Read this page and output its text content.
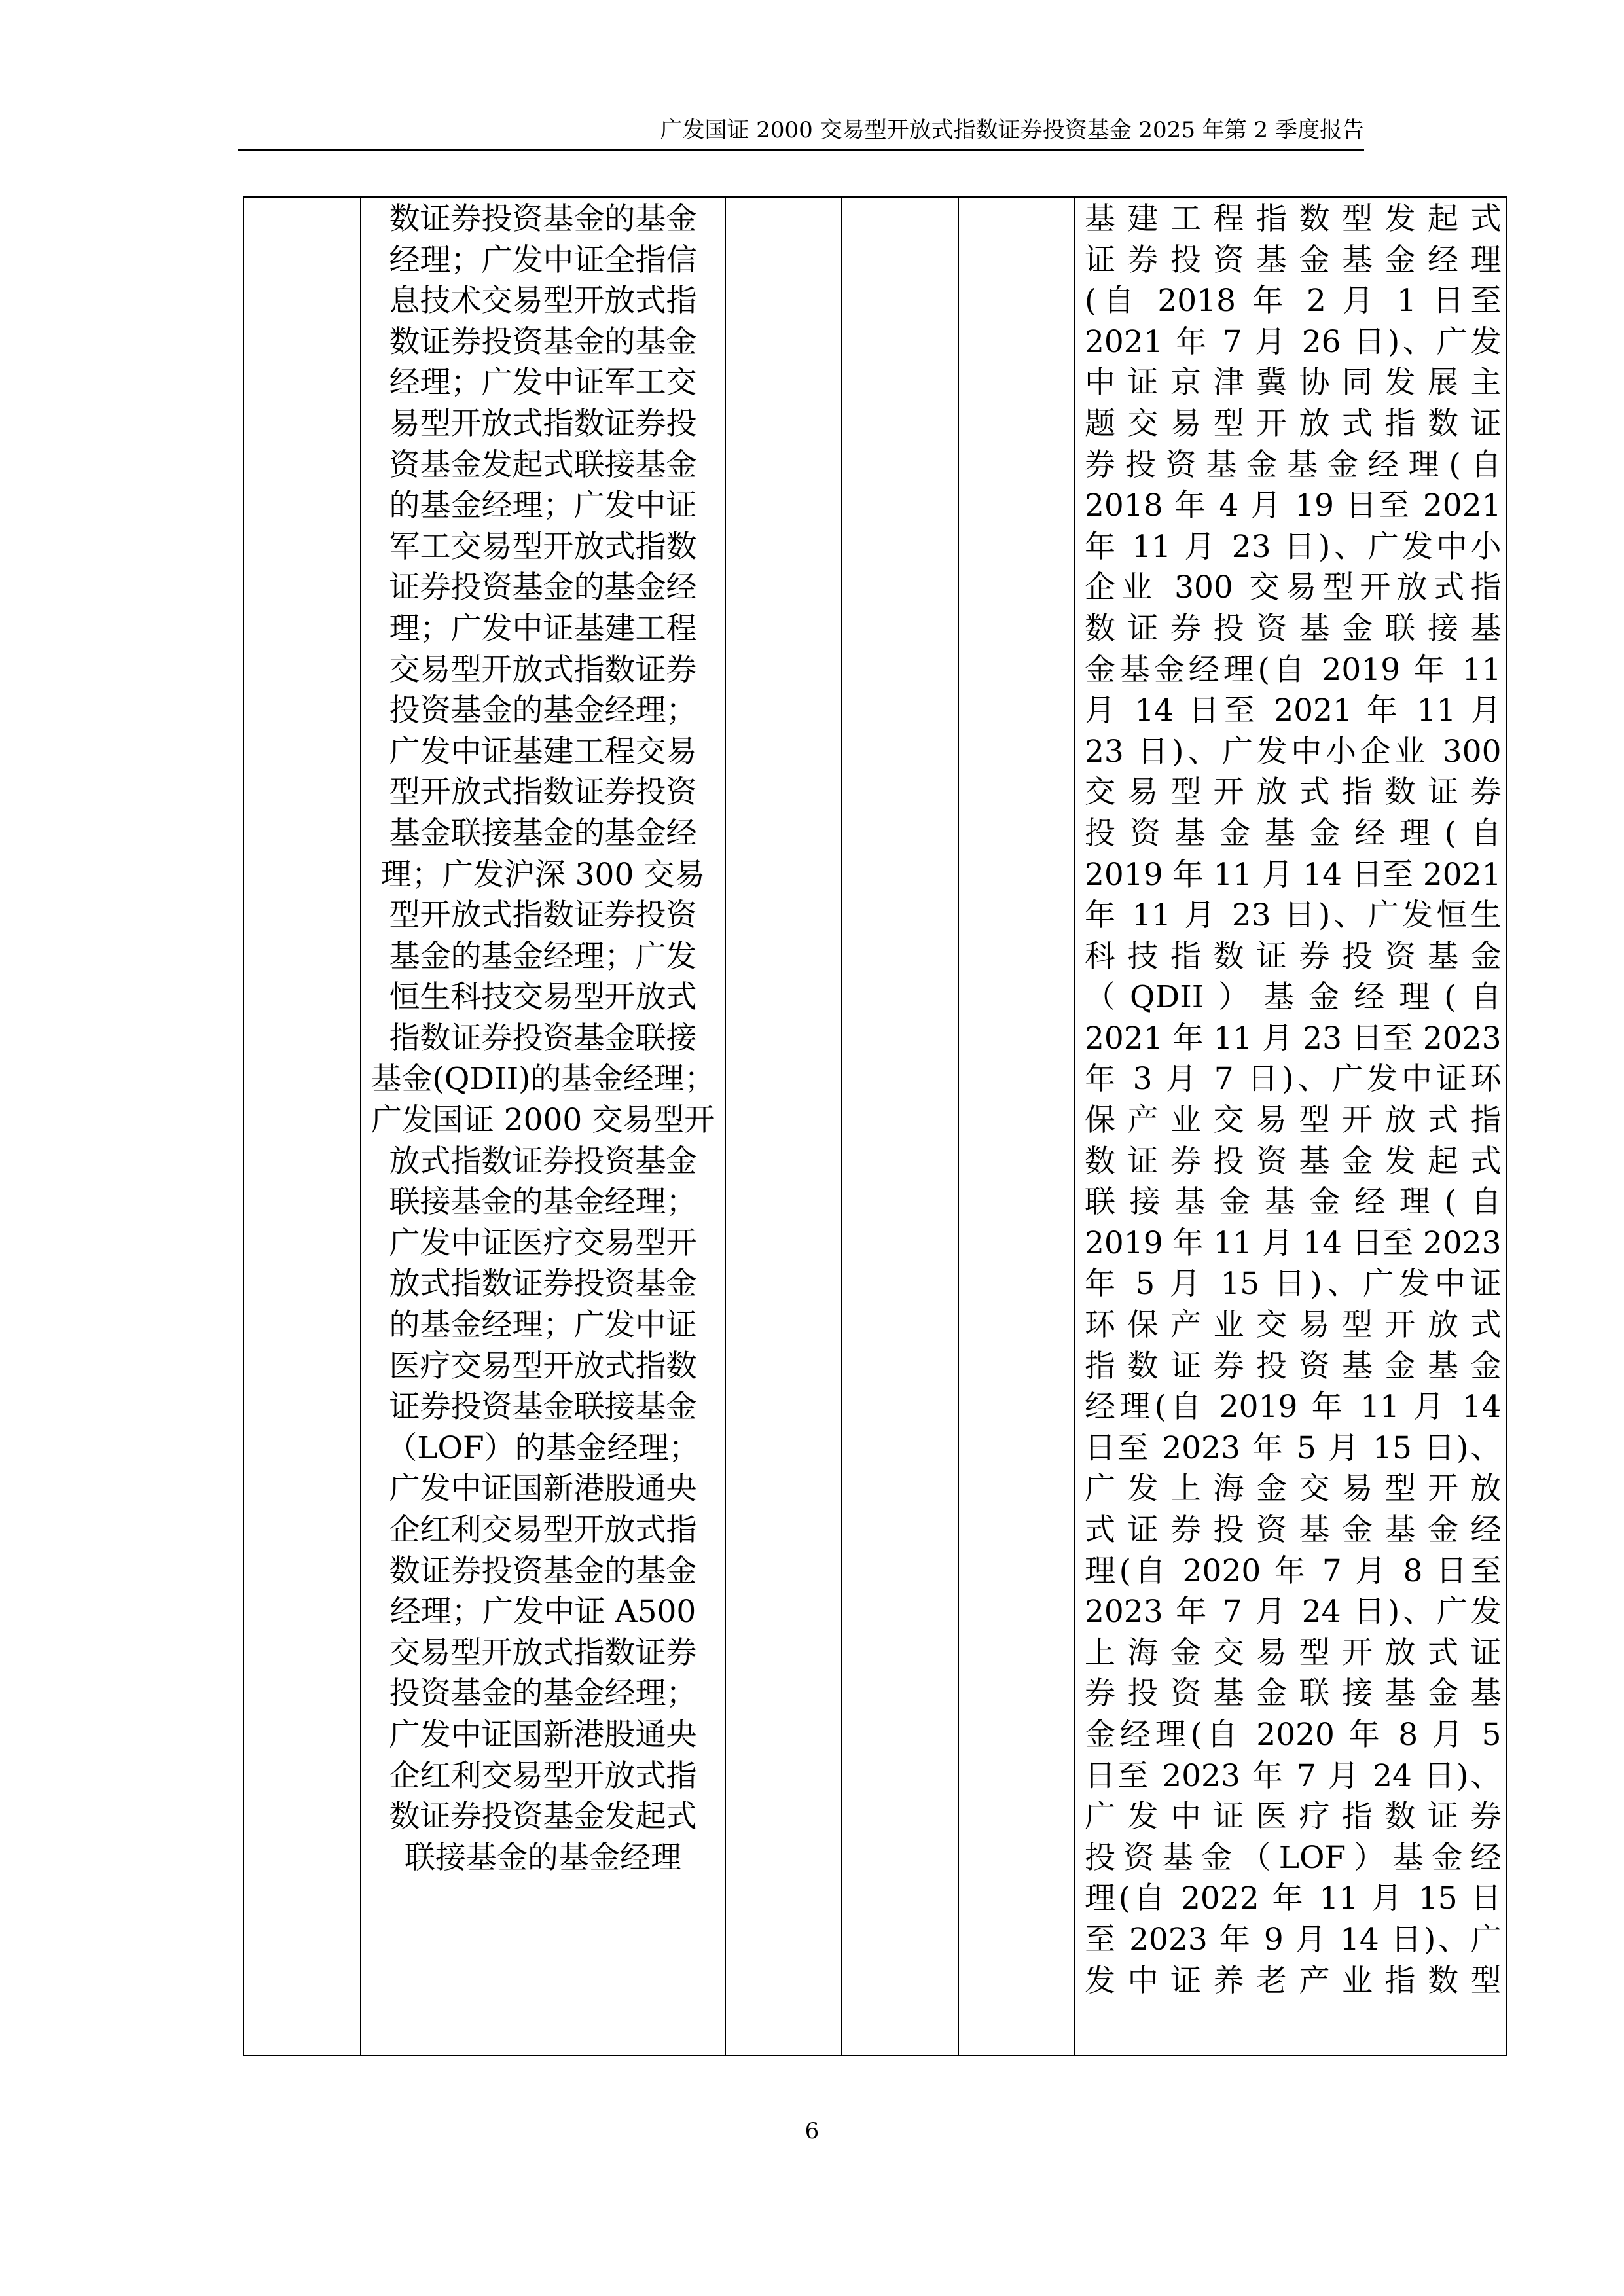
广发国证 2000 交易型开放式指数证券投资基金 2025 年第 2 季度报告

数证券投资基金的基金
经理；广发中证全指信
息技术交易型开放式指
数证券投资基金的基金
经理；广发中证军工交
易型开放式指数证券投
资基金发起式联接基金
的基金经理；广发中证
军工交易型开放式指数
证券投资基金的基金经
理；广发中证基建工程
交易型开放式指数证券
投资基金的基金经理；
广发中证基建工程交易
型开放式指数证券投资
基金联接基金的基金经
理；广发沪深 300 交易
型开放式指数证券投资
基金的基金经理；广发
恒生科技交易型开放式
指数证券投资基金联接
基金(QDII)的基金经理；
广发国证 2000 交易型开
放式指数证券投资基金
联接基金的基金经理；
广发中证医疗交易型开
放式指数证券投资基金
的基金经理；广发中证
医疗交易型开放式指数
证券投资基金联接基金
（LOF）的基金经理；
广发中证国新港股通央
企红利交易型开放式指
数证券投资基金的基金
经理；广发中证 A500
交易型开放式指数证券
投资基金的基金经理；
广发中证国新港股通央
企红利交易型开放式指
数证券投资基金发起式
联接基金的基金经理

基建工程指数型发起式
证券投资基金基金经理
(自 2018 年 2 月 1 日至
2021 年 7 月 26 日)、广发
中证京津冀协同发展主
题交易型开放式指数证
券投资基金基金经理(自
2018 年 4 月 19 日至 2021
年 11 月 23 日)、广发中小
企业 300 交易型开放式指
数证券投资基金联接基
金基金经理(自 2019 年 11
月 14 日至 2021 年 11 月
23 日)、广发中小企业 300
交易型开放式指数证券
投资基金基金经理(自
2019 年 11 月 14 日至 2021
年 11 月 23 日)、广发恒生
科技指数证券投资基金
（QDII）基金经理(自
2021 年 11 月 23 日至 2023
年 3 月 7 日)、广发中证环
保产业交易型开放式指
数证券投资基金发起式
联接基金基金经理(自
2019 年 11 月 14 日至 2023
年 5 月 15 日)、广发中证
环保产业交易型开放式
指数证券投资基金基金
经理(自 2019 年 11 月 14
日至 2023 年 5 月 15 日)、
广发上海金交易型开放
式证券投资基金基金经
理(自 2020 年 7 月 8 日至
2023 年 7 月 24 日)、广发
上海金交易型开放式证
券投资基金联接基金基
金经理(自 2020 年 8 月 5
日至 2023 年 7 月 24 日)、
广发中证医疗指数证券
投资基金（LOF）基金经
理(自 2022 年 11 月 15 日
至 2023 年 9 月 14 日)、广
发中证养老产业指数型
6
